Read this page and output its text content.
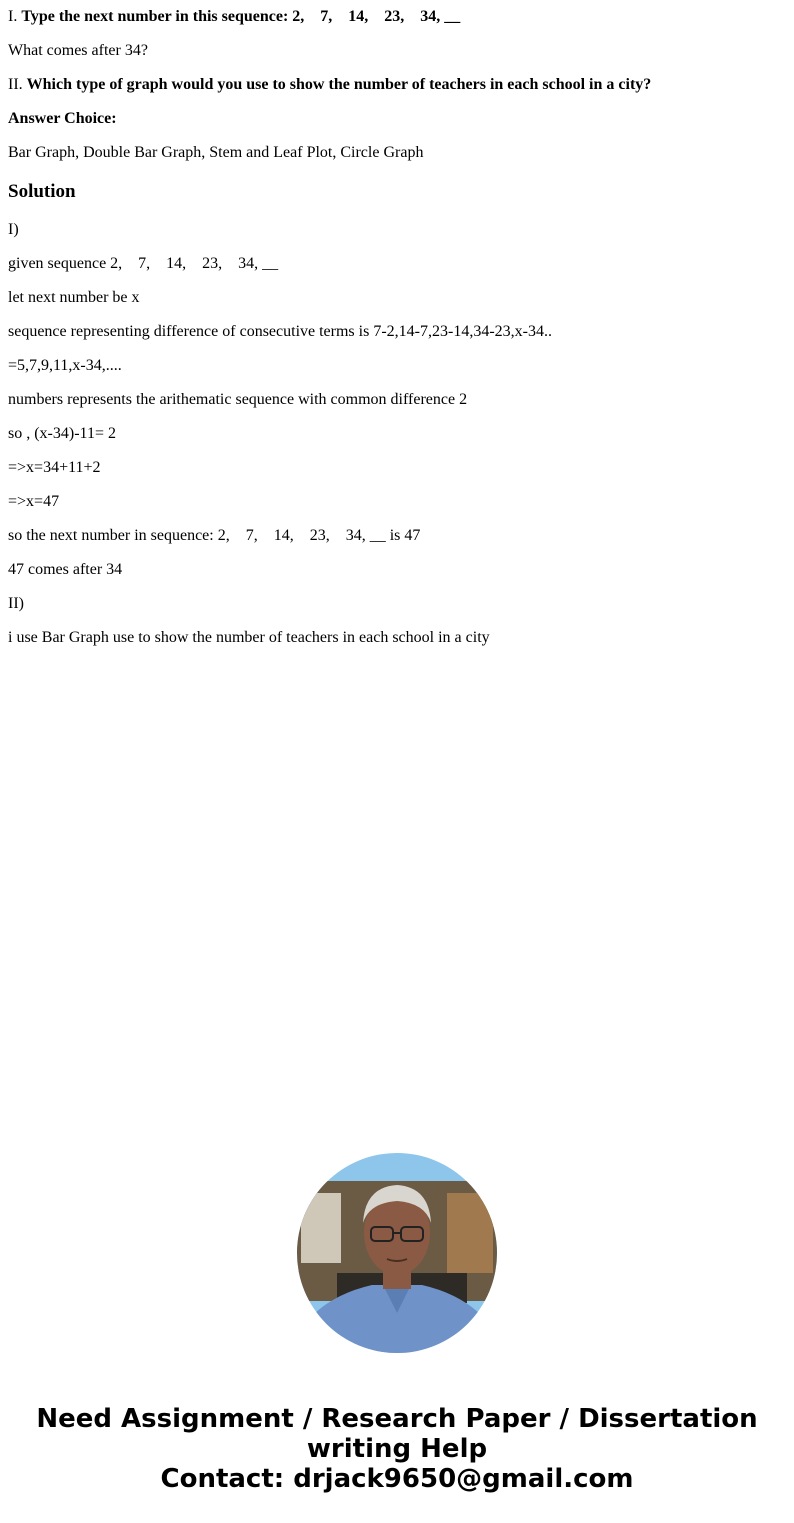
I. Type the next number in this sequence: 2,    7,    14,    23,    34, __
What comes after 34?
II. Which type of graph would you use to show the number of teachers in each school in a city?
Answer Choice:
Bar Graph, Double Bar Graph, Stem and Leaf Plot, Circle Graph
Solution
I)
given sequence 2,    7,    14,    23,    34, __
let next number be x
sequence representing difference of consecutive terms is 7-2,14-7,23-14,34-23,x-34..
=5,7,9,11,x-34,....
numbers represents the arithematic sequence with common difference 2
so , (x-34)-11= 2
=>x=34+11+2
=>x=47
so the next number in sequence: 2,    7,    14,    23,    34, __ is 47
47 comes after 34
II)
i use Bar Graph use to show the number of teachers in each school in a city
Need Assignment / Research Paper / Dissertation
writing Help
Contact: drjack9650@gmail.com
